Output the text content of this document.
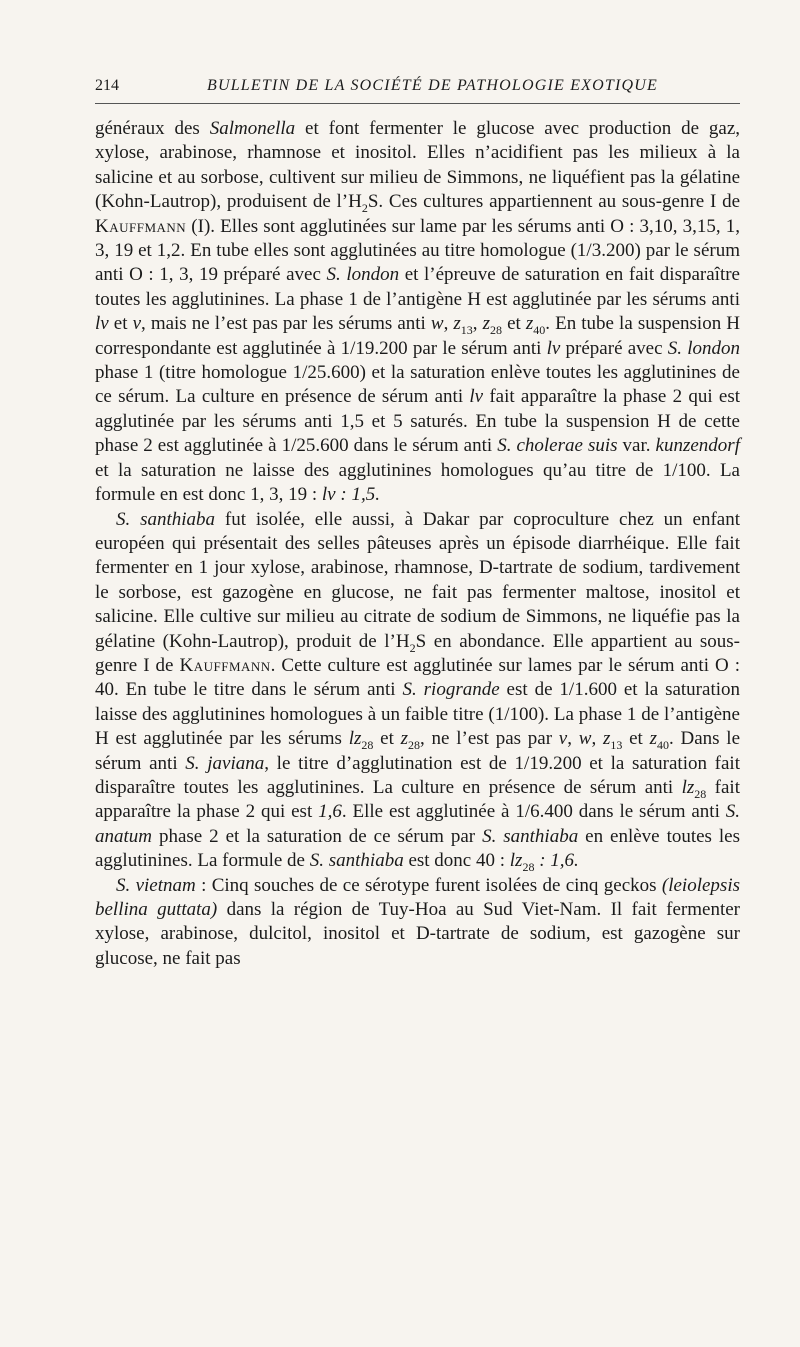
214	BULLETIN DE LA SOCIÉTÉ DE PATHOLOGIE EXOTIQUE

généraux des Salmonella et font fermenter le glucose avec production de gaz, xylose, arabinose, rhamnose et inositol. Elles n’acidifient pas les milieux à la salicine et au sorbose, cultivent sur milieu de Simmons, ne liquéfient pas la gélatine (Kohn-Lautrop), produisent de $l’H_2S$. Ces cultures appartiennent au sous-genre I de Kauffmann (I). Elles sont agglutinées sur lame par les sérums anti O : 3,10, 3,15, 1, 3, 19 et 1,2. En tube elles sont agglutinées au titre homologue (1/3.200) par le sérum anti O : 1, 3, 19 préparé avec S. london et l’épreuve de saturation en fait disparaître toutes les agglutinines. La phase 1 de l’antigène H est agglutinée par les sérums anti lv et v, mais ne l’est pas par les sérums anti w, $z_{13}$, $z_{28}$ et $z_{40}$. En tube la suspension H correspondante est agglutinée à 1/19.200 par le sérum anti lv préparé avec S. london phase 1 (titre homologue 1/25.600) et la saturation enlève toutes les agglutinines de ce sérum. La culture en présence de sérum anti lv fait apparaître la phase 2 qui est agglutinée par les sérums anti 1,5 et 5 saturés. En tube la suspension H de cette phase 2 est agglutinée à 1/25.600 dans le sérum anti S. cholerae suis var. kunzendorf et la saturation ne laisse des agglutinines homologues qu’au titre de 1/100. La formule en est donc 1, 3, 19 : lv : 1,5.

S. santhiaba fut isolée, elle aussi, à Dakar par coproculture chez un enfant européen qui présentait des selles pâteuses après un épisode diarrhéique. Elle fait fermenter en 1 jour xylose, arabinose, rhamnose, D-tartrate de sodium, tardivement le sorbose, est gazogène en glucose, ne fait pas fermenter maltose, inositol et salicine. Elle cultive sur milieu au citrate de sodium de Simmons, ne liquéfie pas la gélatine (Kohn-Lautrop), produit de $l’H_2S$ en abondance. Elle appartient au sous-genre I de Kauffmann. Cette culture est agglutinée sur lames par le sérum anti O : 40. En tube le titre dans le sérum anti S. riogrande est de 1/1.600 et la saturation laisse des agglutinines homologues à un faible titre (1/100). La phase 1 de l’antigène H est agglutinée par les sérums $lz_{28}$ et $z_{28}$, ne l’est pas par v, w, $z_{13}$ et $z_{40}$. Dans le sérum anti S. javiana, le titre d’agglutination est de 1/19.200 et la saturation fait disparaître toutes les agglutinines. La culture en présence de sérum anti $lz_{28}$ fait apparaître la phase 2 qui est 1,6. Elle est agglutinée à 1/6.400 dans le sérum anti S. anatum phase 2 et la saturation de ce sérum par S. santhiaba en enlève toutes les agglutinines. La formule de S. santhiaba est donc 40 : $lz_{28}$ : 1,6.

S. vietnam : Cinq souches de ce sérotype furent isolées de cinq geckos (leiolepsis bellina guttata) dans la région de Tuy-Hoa au Sud Viet-Nam. Il fait fermenter xylose, arabinose, dulcitol, inositol et D-tartrate de sodium, est gazogène sur glucose, ne fait pas
